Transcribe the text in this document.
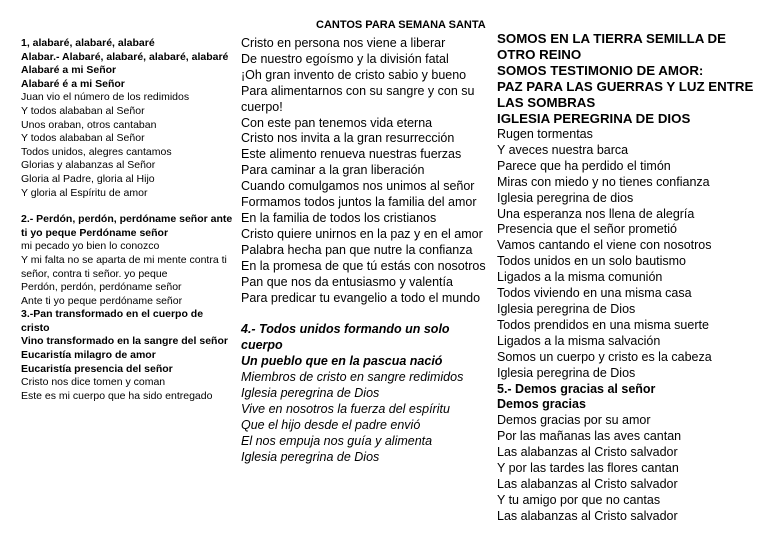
CANTOS PARA SEMANA SANTA
1, alabaré, alabaré, alabaré
Alabar.- Alabaré, alabaré, alabaré, alabaré
Alabaré a mi Señor
Alabaré é a mi Señor
Juan vio el número de los redimidos
Y todos alababan al Señor
Unos oraban, otros cantaban
Y todos alababan al Señor
Todos unidos, alegres cantamos
Glorias y alabanzas al Señor
Gloria al Padre, gloria al Hijo
Y gloria al Espíritu de amor
2.- Perdón, perdón, perdóname señor ante ti yo peque Perdóname señor
mi pecado yo bien lo conozco
Y mi falta no se aparta de mi mente contra ti señor, contra ti señor. yo peque
Perdón, perdón, perdóname señor
Ante ti yo peque perdóname señor
3.-Pan transformado en el cuerpo de cristo
Vino transformado en la sangre del señor
Eucaristía milagro de amor
Eucaristía presencia del señor
Cristo nos dice tomen y coman
Este es mi cuerpo que ha sido entregado
Cristo en persona nos viene a liberar
De nuestro egoísmo y la división fatal
¡Oh gran invento de cristo sabio y bueno
Para alimentarnos con su sangre y con su cuerpo!
Con este pan tenemos vida eterna
Cristo nos invita a la gran resurrección
Este alimento renueva nuestras fuerzas
Para caminar a la gran liberación
Cuando comulgamos nos unimos al señor
Formamos todos juntos la familia del amor
En la familia de todos los cristianos
Cristo quiere unirnos en la paz y en el amor
Palabra hecha pan que nutre la confianza
En la promesa de que tú estás con nosotros
Pan que nos da entusiasmo y valentía
Para predicar tu evangelio a todo el mundo
4.- Todos unidos formando un solo cuerpo
Un pueblo que en la pascua nació
Miembros de cristo en sangre redimidos
Iglesia peregrina de Dios
Vive en nosotros la fuerza del espíritu
Que el hijo desde el padre envió
El nos empuja nos guía y alimenta
Iglesia peregrina de Dios
SOMOS EN LA TIERRA SEMILLA DE OTRO REINO
SOMOS TESTIMONIO DE AMOR:
PAZ PARA LAS GUERRAS Y LUZ ENTRE LAS SOMBRAS
IGLESIA PEREGRINA DE DIOS
Rugen tormentas
Y aveces nuestra barca
Parece que ha perdido el timón
Miras con miedo y no tienes confianza
Iglesia peregrina de dios
Una esperanza nos llena de alegría
Presencia que el señor prometió
Vamos cantando el viene con nosotros
Todos unidos en un solo bautismo
Ligados a la misma comunión
Todos viviendo en una misma casa
Iglesia peregrina de Dios
Todos prendidos en una misma suerte
Ligados a la misma salvación
Somos un cuerpo y cristo es la cabeza
Iglesia peregrina de Dios
5.- Demos gracias al señor
Demos gracias
Demos gracias por su amor
Por las mañanas las aves cantan
Las alabanzas al Cristo salvador
Y por las tardes las flores cantan
Las alabanzas al Cristo salvador
Y tu amigo por que no cantas
Las alabanzas al Cristo salvador
